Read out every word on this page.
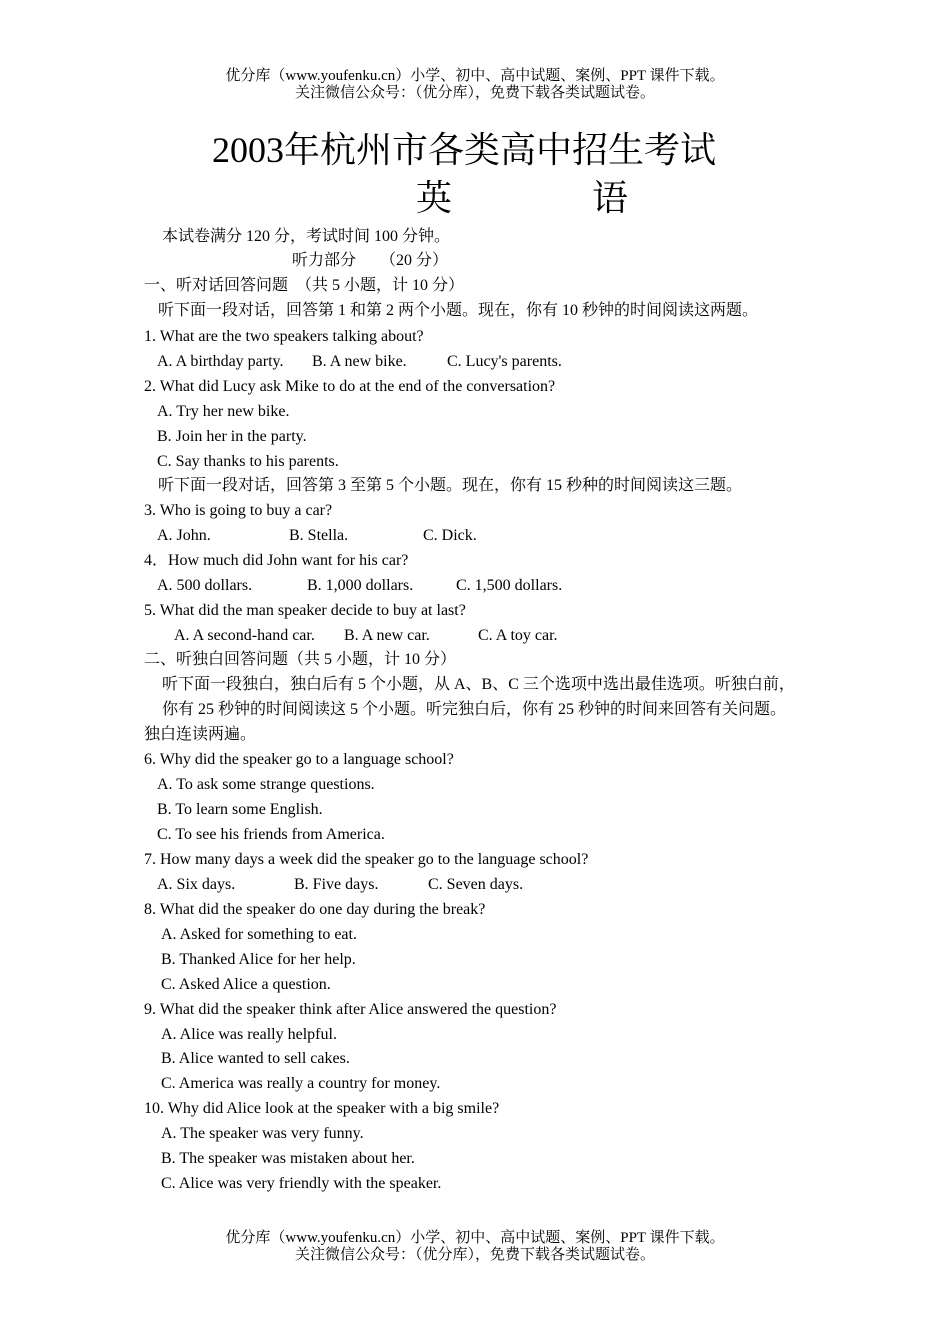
优分库（www.youfenku.cn）小学、初中、高中试题、案例、PPT 课件下载。
关注微信公众号：（优分库），免费下载各类试题试卷。
2003年杭州市各类高中招生考试
英	语
本试卷满分 120 分，考试时间 100 分钟。
听力部分　　（20 分）
一、听对话回答问题　（共 5 小题，计 10 分）
听下面一段对话，回答第 1 和第 2 两个小题。现在，你有 10 秒钟的时间阅读这两题。
1. What are the two speakers talking about?
A. A birthday party. B. A new bike.	C. Lucy's parents.
2. What did Lucy ask Mike to do at the end of the conversation?
A. Try her new bike.
B. Join her in the party.
C. Say thanks to his parents.
听下面一段对话，回答第 3 至第 5 个小题。现在，你有 15 秒种的时间阅读这三题。
3. Who is going to buy a car?
A. John.	B. Stella.	C. Dick.
4．How much did John want for his car?
A. 500 dollars.	B. 1,000 dollars.	C. 1,500 dollars.
5. What did the man speaker decide to buy at last?
A. A second-hand car. B. A new car.	C. A toy car.
二、听独白回答问题（共 5 小题，计 10 分）
听下面一段独白，独白后有 5 个小题，从 A、B、C 三个选项中选出最佳选项。听独白前，
你有 25 秒钟的时间阅读这 5 个小题。听完独白后，你有 25 秒钟的时间来回答有关问题。
独白连读两遍。
6. Why did the speaker go to a language school?
A. To ask some strange questions.
B. To learn some English.
C. To see his friends from America.
7. How many days a week did the speaker go to the language school?
A. Six days.	B. Five days.	C. Seven days.
8. What did the speaker do one day during the break?
A. Asked for something to eat.
B. Thanked Alice for her help.
C. Asked Alice a question.
9. What did the speaker think after Alice answered the question?
A. Alice was really helpful.
B. Alice wanted to sell cakes.
C. America was really a country for money.
10. Why did Alice look at the speaker with a big smile?
A. The speaker was very funny.
B. The speaker was mistaken about her.
C. Alice was very friendly with the speaker.
优分库（www.youfenku.cn）小学、初中、高中试题、案例、PPT 课件下载。
关注微信公众号：（优分库），免费下载各类试题试卷。
